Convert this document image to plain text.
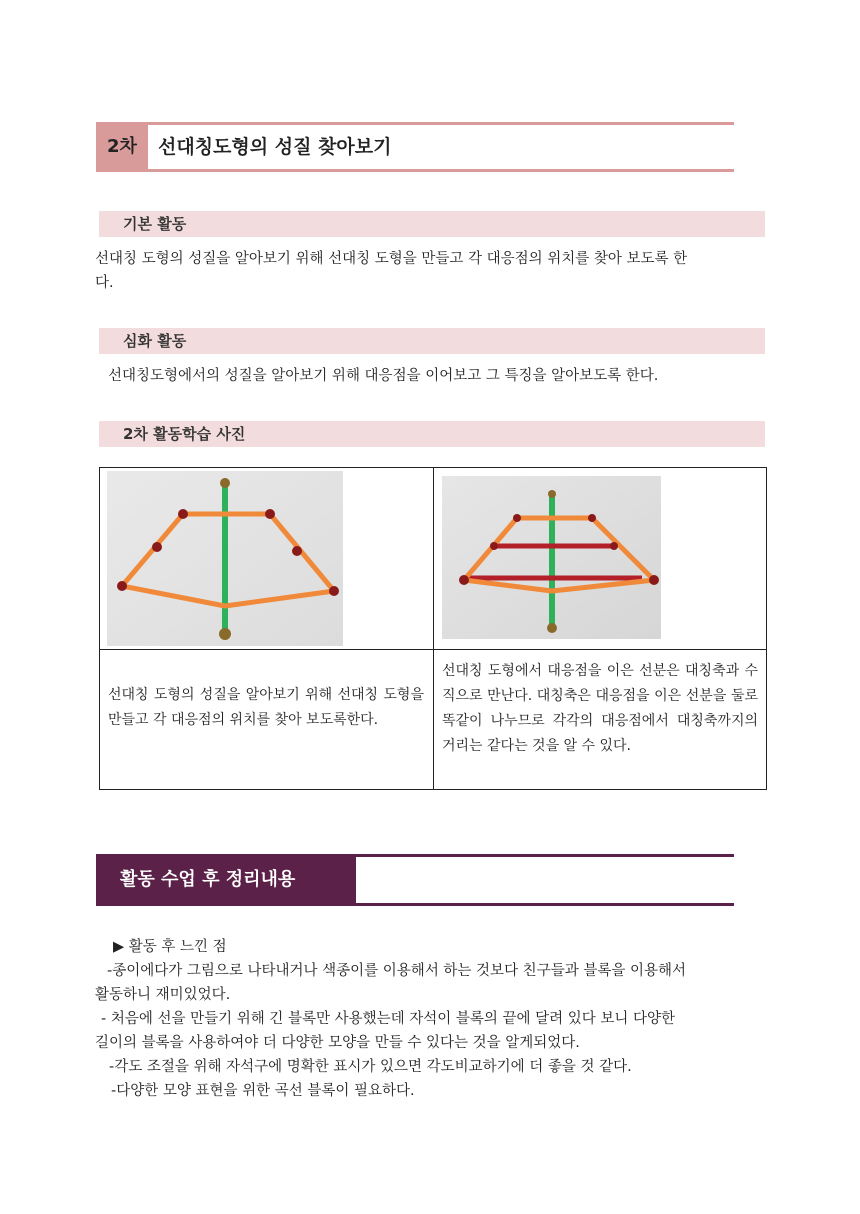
2차	선대칭도형의 성질 찾아보기
기본 활동
선대칭 도형의 성질을 알아보기 위해 선대칭 도형을 만들고 각 대응점의 위치를 찾아 보도록 한
다.
심화 활동
선대칭도형에서의 성질을 알아보기 위해 대응점을 이어보고 그 특징을 알아보도록 한다.
2차 활동학습 사진
선대칭 도형의 성질을 알아보기 위해 선대칭 도형을 만들고 각 대응점의 위치를 찾아 보도록한다.
선대칭 도형에서 대응점을 이은 선분은 대칭축과 수직으로 만난다. 대칭축은 대응점을 이은 선분을 둘로 똑같이 나누므로 각각의 대응점에서 대칭축까지의 거리는 같다는 것을 알 수 있다.
활동 수업 후 정리내용
▶ 활동 후 느낀 점
-종이에다가 그림으로 나타내거나 색종이를 이용해서 하는 것보다 친구들과 블록을 이용해서
활동하니 재미있었다.
- 처음에 선을 만들기 위해 긴 블록만 사용했는데 자석이 블록의 끝에 달려 있다 보니 다양한
길이의 블록을 사용하여야 더 다양한 모양을 만들 수 있다는 것을 알게되었다.
-각도 조절을 위해 자석구에 명확한 표시가 있으면 각도비교하기에 더 좋을 것 같다.
-다양한 모양 표현을 위한 곡선 블록이 필요하다.
